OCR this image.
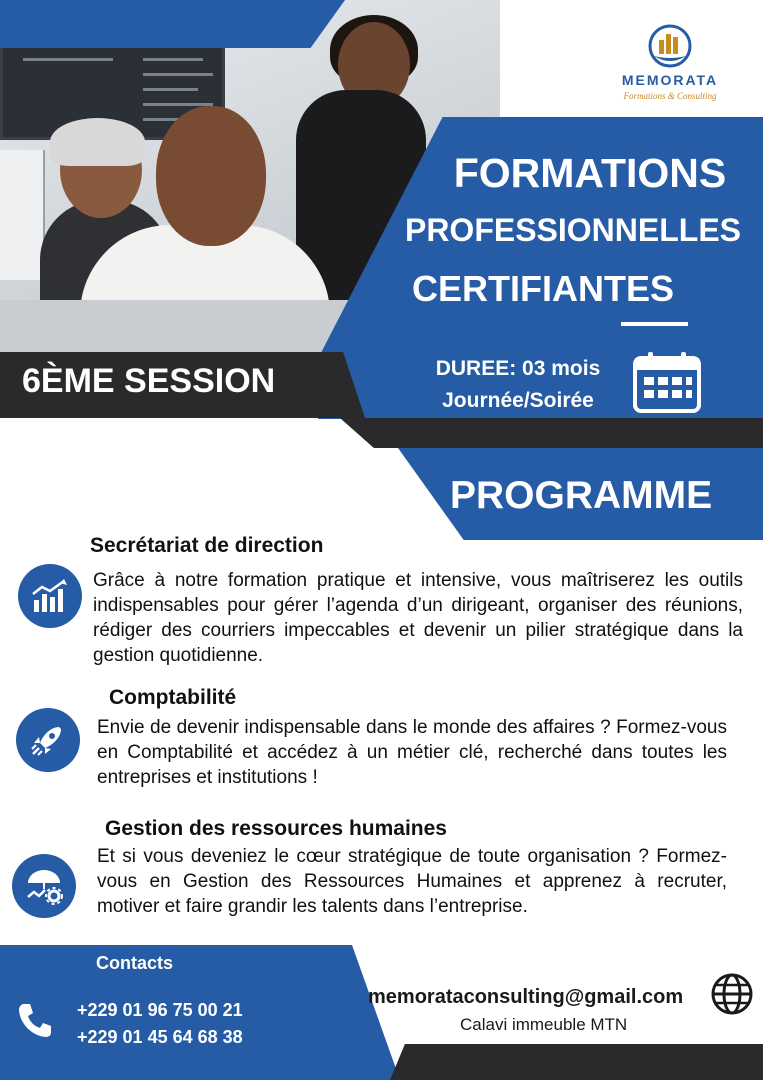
MEMORATA
Formations & Consulting
FORMATIONS
PROFESSIONNELLES
CERTIFIANTES
6ÈME SESSION	DUREE: 03 mois
Journée/Soirée
PROGRAMME
Secrétariat de direction
Grâce à notre formation pratique et intensive, vous maîtriserez les outils indispensables pour gérer l’agenda d’un dirigeant, organiser des réunions, rédiger des courriers impeccables et devenir un pilier stratégique dans la gestion quotidienne.
Comptabilité
Envie de devenir indispensable dans le monde des affaires ? Formez-vous en Comptabilité et accédez à un métier clé, recherché dans toutes les entreprises et institutions !
Gestion des ressources humaines
Et si vous deveniez le cœur stratégique de toute organisation ? Formez-vous en Gestion des Ressources Humaines et apprenez à recruter, motiver et faire grandir les talents dans l’entreprise.
Contacts
+229 01 96 75 00 21
+229 01 45 64 68 38
memorataconsulting@gmail.com
Calavi immeuble MTN
